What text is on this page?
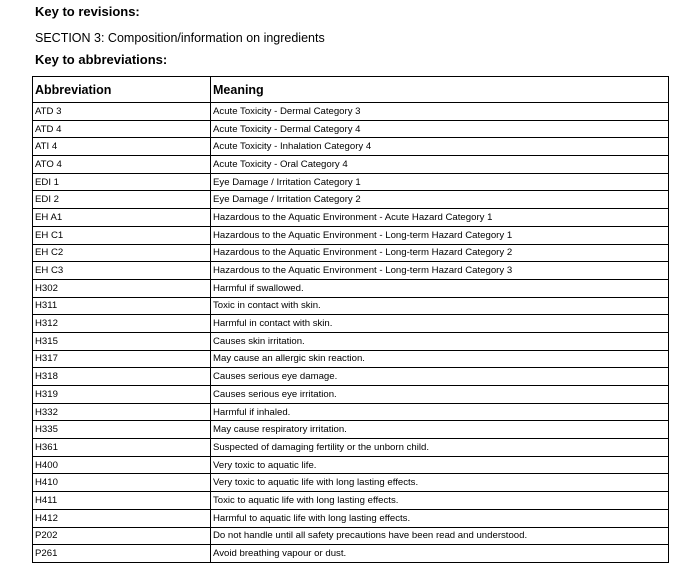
Key to revisions:
SECTION 3: Composition/information on ingredients
Key to abbreviations:
Abbreviation	Meaning
ATD 3	Acute Toxicity - Dermal Category 3
ATD 4	Acute Toxicity - Dermal Category 4
ATI 4	Acute Toxicity - Inhalation Category 4
ATO 4	Acute Toxicity - Oral Category 4
EDI 1	Eye Damage / Irritation Category 1
EDI 2	Eye Damage / Irritation Category 2
EH A1	Hazardous to the Aquatic Environment - Acute Hazard Category 1
EH C1	Hazardous to the Aquatic Environment - Long-term Hazard Category 1
EH C2	Hazardous to the Aquatic Environment - Long-term Hazard Category 2
EH C3	Hazardous to the Aquatic Environment - Long-term Hazard Category 3
H302	Harmful if swallowed.
H311	Toxic in contact with skin.
H312	Harmful in contact with skin.
H315	Causes skin irritation.
H317	May cause an allergic skin reaction.
H318	Causes serious eye damage.
H319	Causes serious eye irritation.
H332	Harmful if inhaled.
H335	May cause respiratory irritation.
H361	Suspected of damaging fertility or the unborn child.
H400	Very toxic to aquatic life.
H410	Very toxic to aquatic life with long lasting effects.
H411	Toxic to aquatic life with long lasting effects.
H412	Harmful to aquatic life with long lasting effects.
P202	Do not handle until all safety precautions have been read and understood.
P261	Avoid breathing vapour or dust.
